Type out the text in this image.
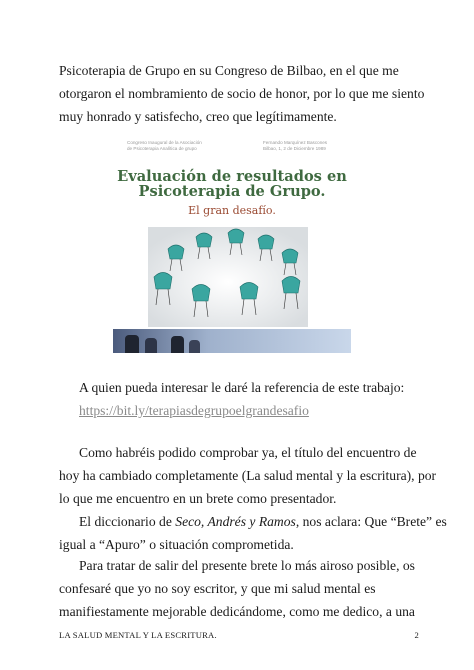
Psicoterapia de Grupo en su Congreso de Bilbao, en el que me
otorgaron el nombramiento de socio de honor, por lo que me siento
muy honrado y satisfecho, creo que legítimamente.
Congreso Inaugural de la Asociación
de Psicoterapia Analítica de grupo
Fernando Marquínez Bascones
Bilbao, 1, 2 de Diciembre 1989
Evaluación de resultados en
Psicoterapia de Grupo.
El gran desafío.
A quien pueda interesar le daré la referencia de este trabajo:
https://bit.ly/terapiasdegrupoelgrandesafio
Como habréis podido comprobar ya, el título del encuentro de
hoy ha cambiado completamente (La salud mental y la escritura), por
lo que me encuentro en un brete como presentador.
El diccionario de Seco, Andrés y Ramos, nos aclara: Que “Brete” es
igual a “Apuro” o situación comprometida.
Para tratar de salir del presente brete lo más airoso posible, os
confesaré que yo no soy escritor, y que mi salud mental es
manifiestamente mejorable dedicándome, como me dedico, a una
LA SALUD MENTAL Y LA ESCRITURA.	2
